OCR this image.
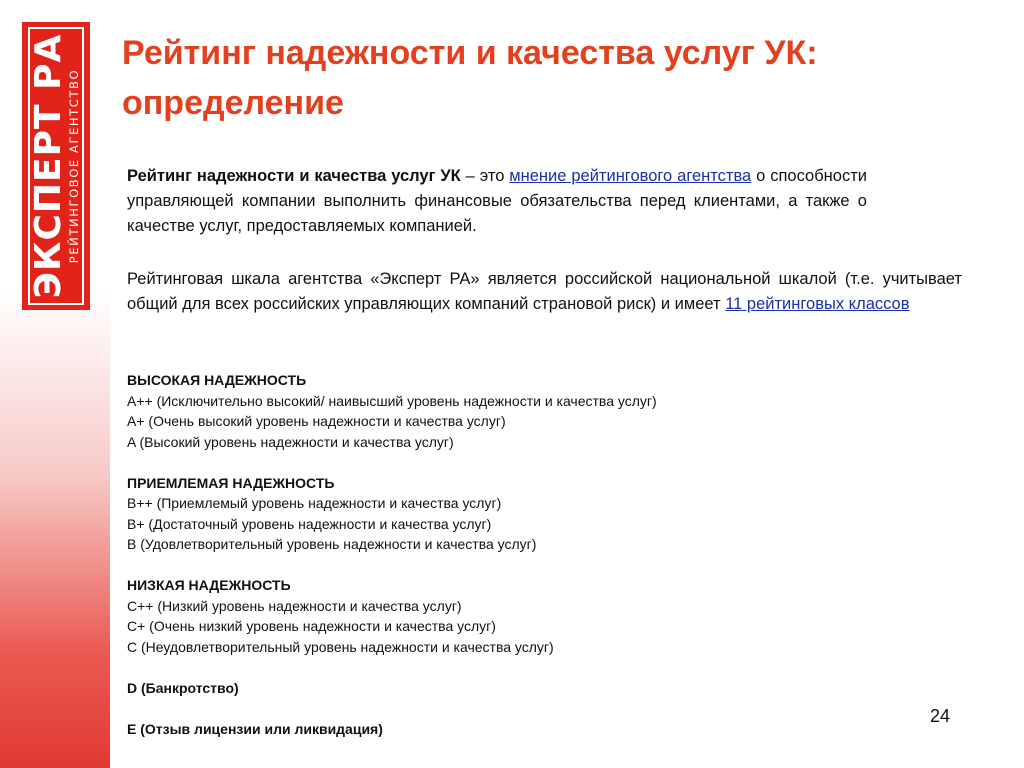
ЭКСПЕРТ РА
РЕЙТИНГОВОЕ АГЕНТСТВО
Рейтинг надежности и качества услуг УК: определение

Рейтинг надежности и качества услуг УК – это мнение рейтингового агентства о способности управляющей компании выполнить финансовые обязательства перед клиентами, а также о качестве услуг, предоставляемых компанией.

Рейтинговая шкала агентства «Эксперт РА» является российской национальной шкалой (т.е. учитывает общий для всех российских управляющих компаний страновой риск) и имеет 11 рейтинговых классов

ВЫСОКАЯ НАДЕЖНОСТЬ
A++ (Исключительно высокий/ наивысший уровень надежности и качества услуг)
A+ (Очень высокий уровень надежности и качества услуг)
A (Высокий уровень надежности и качества услуг)
ПРИЕМЛЕМАЯ НАДЕЖНОСТЬ
B++ (Приемлемый уровень надежности и качества услуг)
B+ (Достаточный уровень надежности и качества услуг)
B (Удовлетворительный уровень надежности и качества услуг)
НИЗКАЯ НАДЕЖНОСТЬ
C++ (Низкий уровень надежности и качества услуг)
C+ (Очень низкий уровень надежности и качества услуг)
C (Неудовлетворительный уровень надежности и качества услуг)
D (Банкротство)
E (Отзыв лицензии или ликвидация)
24
